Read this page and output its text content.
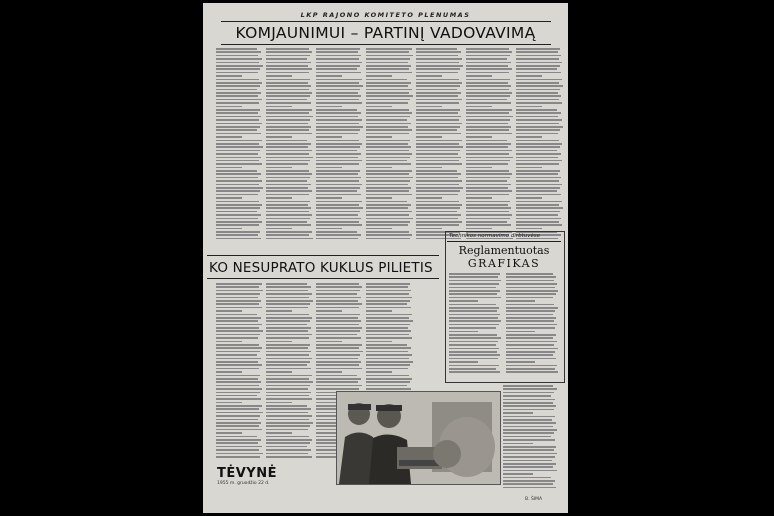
LKP RAJONO KOMITETO PLENUMAS
KOMJAUNIMUI – PARTINĮ VADOVAVIMĄ
KO NESUPRATO KUKLUS PILIETIS
Technikos normavimo dirbtuvėse
Reglamentuotas
GRAFIKAS
TĖVYNĖ
1955 m. gruodžio 22 d.
B. ŠIMA
